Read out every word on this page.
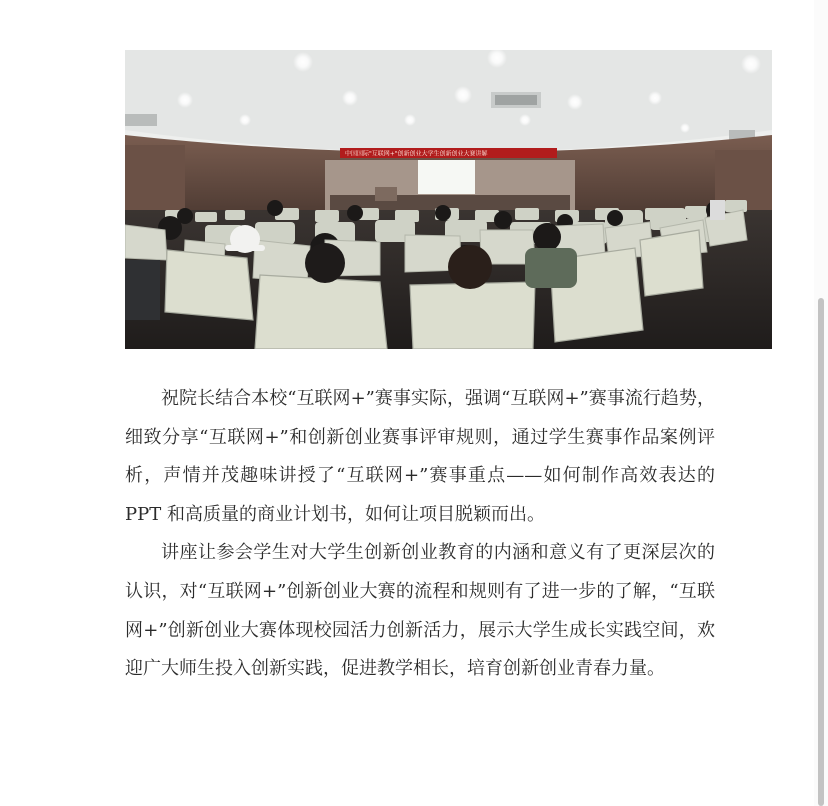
中国国际"互联网+"创新创业大学生创新创业大赛讲解

祝院长结合本校“互联网+”赛事实际，强调“互联网+”赛事流行趋势，细致分享“互联网+”和创新创业赛事评审规则，通过学生赛事作品案例评析，声情并茂趣味讲授了“互联网+”赛事重点——如何制作高效表达的 PPT 和高质量的商业计划书，如何让项目脱颖而出。

讲座让参会学生对大学生创新创业教育的内涵和意义有了更深层次的认识，对“互联网+”创新创业大赛的流程和规则有了进一步的了解，“互联网+”创新创业大赛体现校园活力创新活力，展示大学生成长实践空间，欢迎广大师生投入创新实践，促进教学相长，培育创新创业青春力量。
